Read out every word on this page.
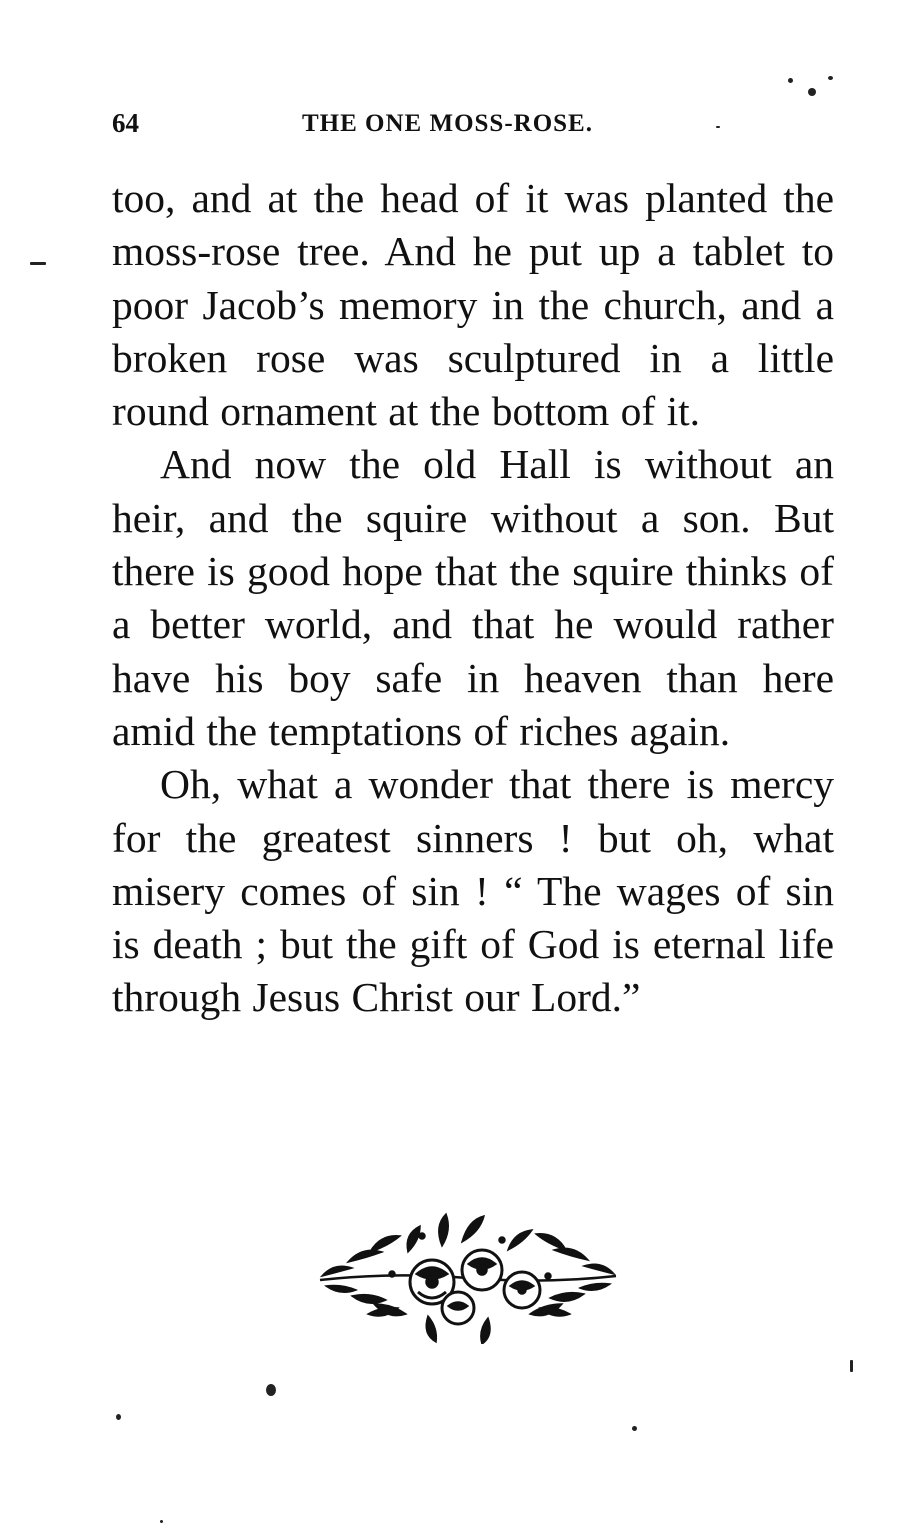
64	THE ONE MOSS-ROSE.

too, and at the head of it was planted the moss-rose tree. And he put up a tablet to poor Jacob’s memory in the church, and a broken rose was sculptured in a little round ornament at the bottom of it.

And now the old Hall is without an heir, and the squire without a son. But there is good hope that the squire thinks of a better world, and that he would rather have his boy safe in heaven than here amid the temptations of riches again.

Oh, what a wonder that there is mercy for the greatest sinners ! but oh, what misery comes of sin ! “ The wages of sin is death ; but the gift of God is eternal life through Jesus Christ our Lord.”
